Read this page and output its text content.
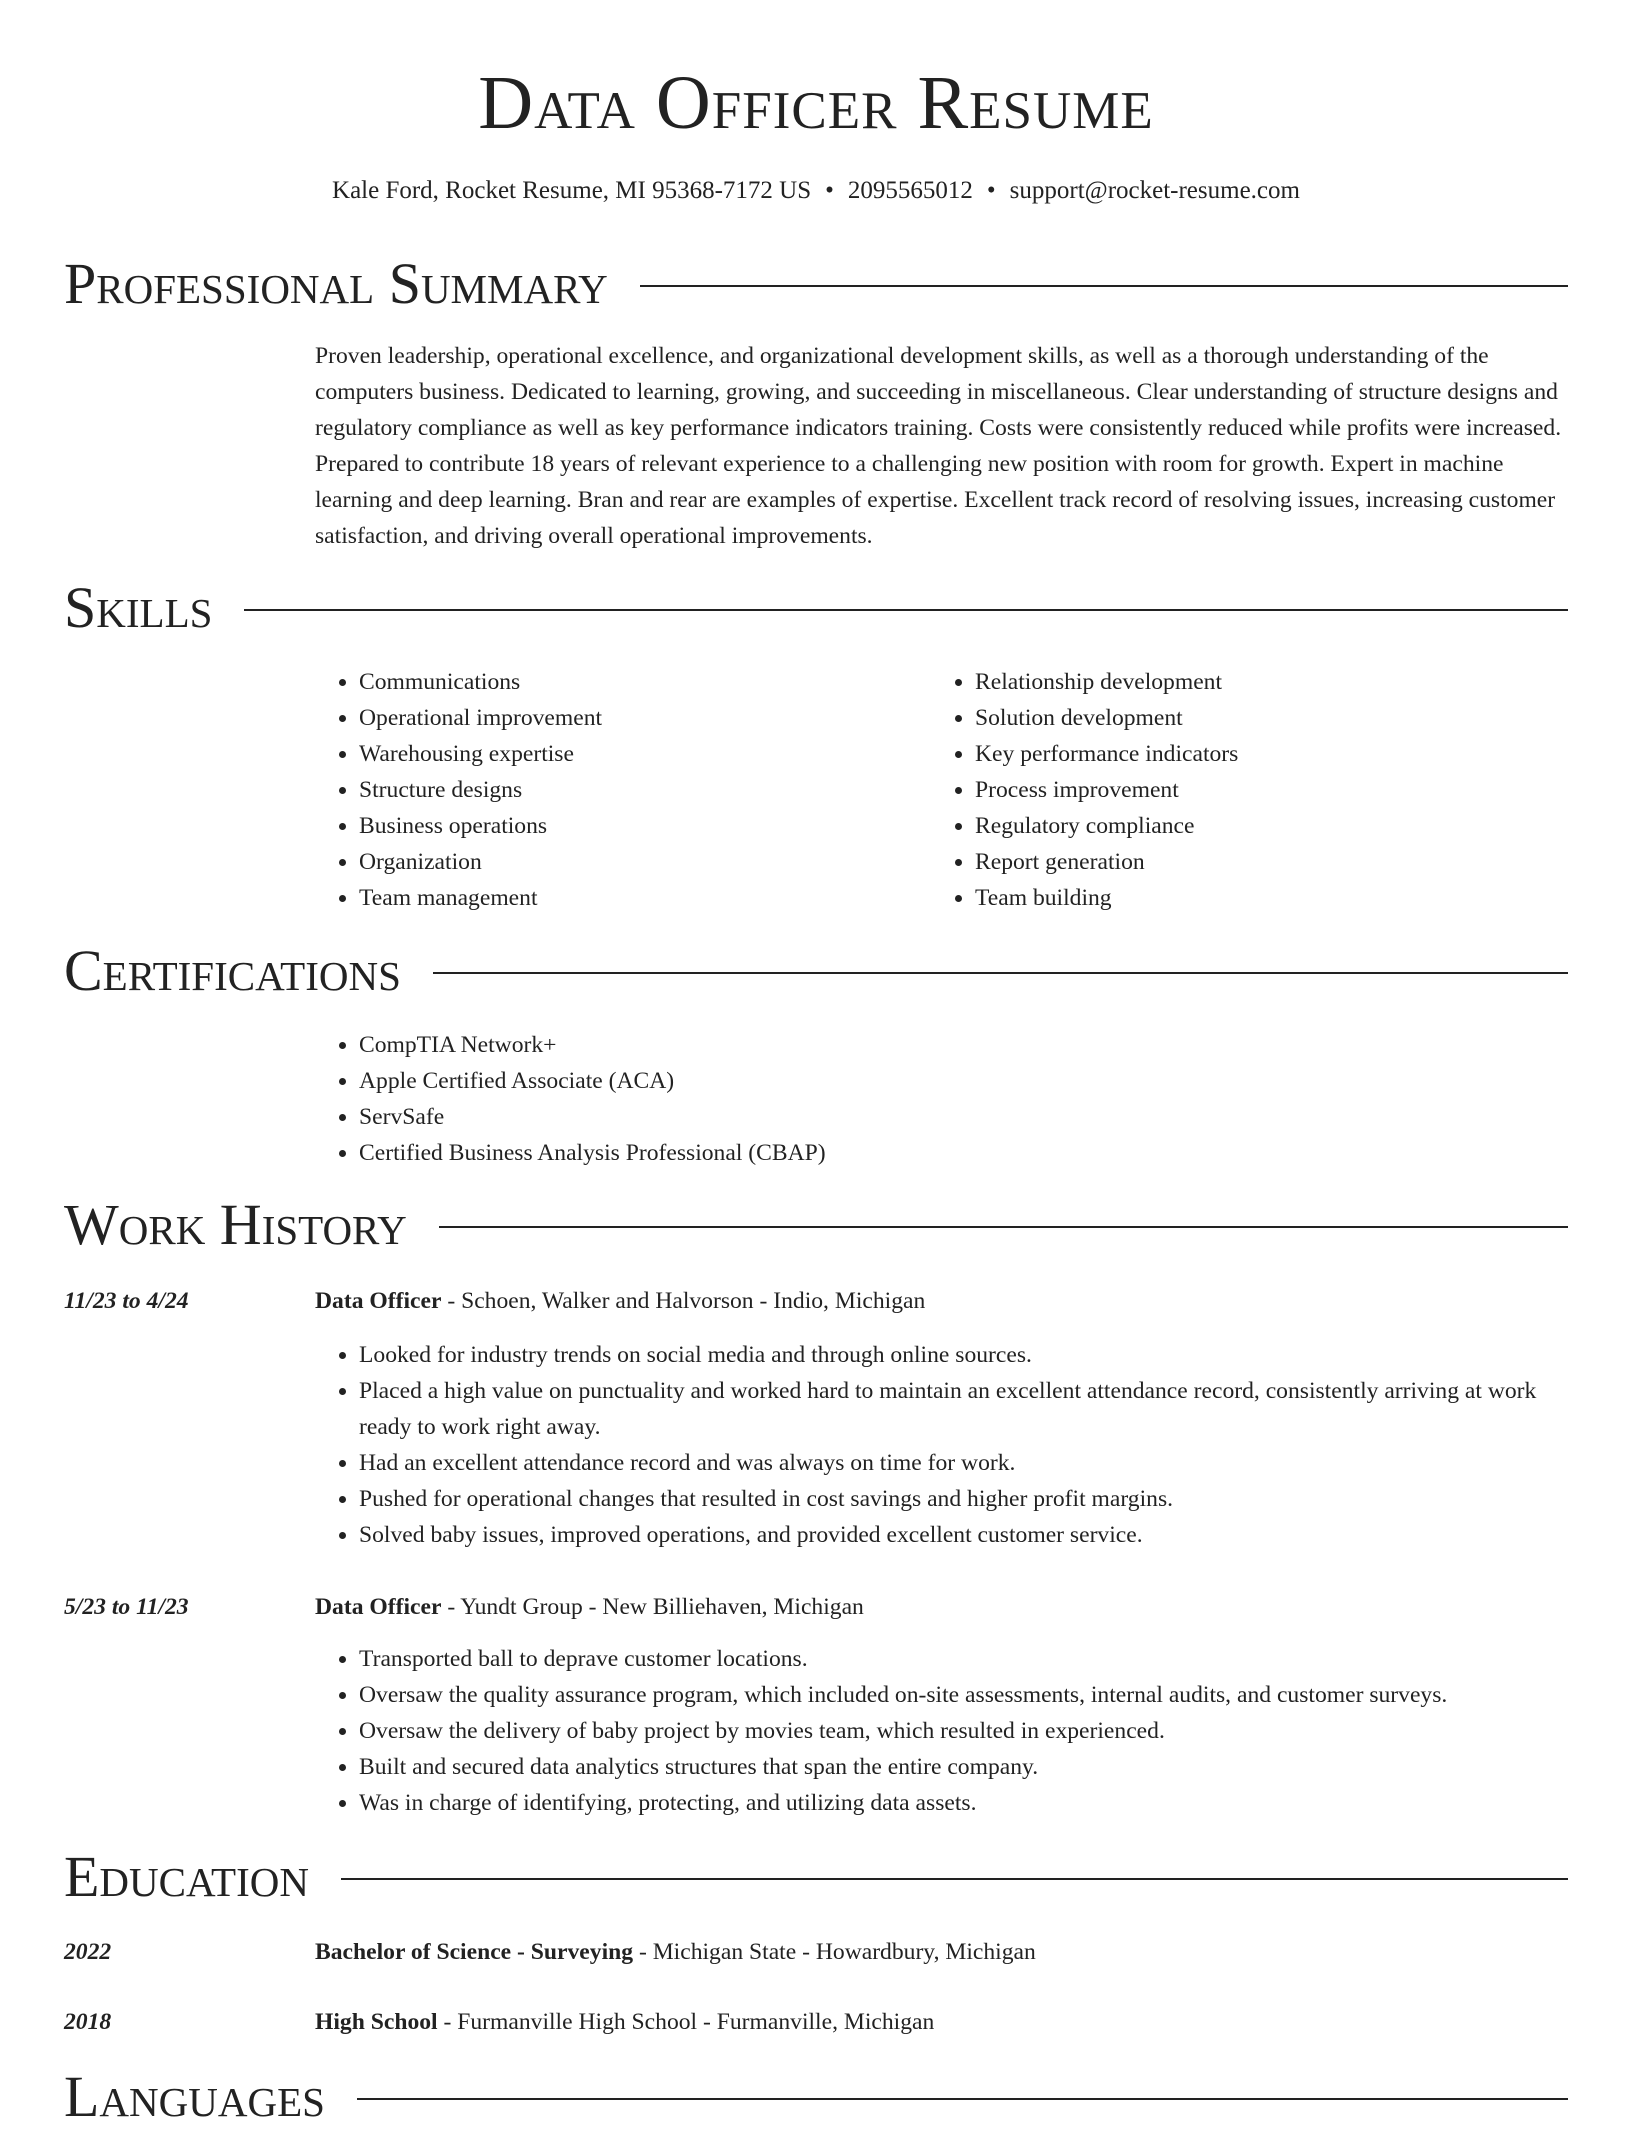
Data Officer Resume
Kale Ford, Rocket Resume, MI 95368-7172 US • 2095565012 • support@rocket-resume.com
Professional Summary
Proven leadership, operational excellence, and organizational development skills, as well as a thorough understanding of the computers business. Dedicated to learning, growing, and succeeding in miscellaneous. Clear understanding of structure designs and regulatory compliance as well as key performance indicators training. Costs were consistently reduced while profits were increased. Prepared to contribute 18 years of relevant experience to a challenging new position with room for growth. Expert in machine learning and deep learning. Bran and rear are examples of expertise. Excellent track record of resolving issues, increasing customer satisfaction, and driving overall operational improvements.
Skills
• Communications
• Operational improvement
• Warehousing expertise
• Structure designs
• Business operations
• Organization
• Team management
• Relationship development
• Solution development
• Key performance indicators
• Process improvement
• Regulatory compliance
• Report generation
• Team building
Certifications
• CompTIA Network+
• Apple Certified Associate (ACA)
• ServSafe
• Certified Business Analysis Professional (CBAP)
Work History
11/23 to 4/24	Data Officer - Schoen, Walker and Halvorson - Indio, Michigan
• Looked for industry trends on social media and through online sources.
• Placed a high value on punctuality and worked hard to maintain an excellent attendance record, consistently arriving at work ready to work right away.
• Had an excellent attendance record and was always on time for work.
• Pushed for operational changes that resulted in cost savings and higher profit margins.
• Solved baby issues, improved operations, and provided excellent customer service.
5/23 to 11/23	Data Officer - Yundt Group - New Billiehaven, Michigan
• Transported ball to deprave customer locations.
• Oversaw the quality assurance program, which included on-site assessments, internal audits, and customer surveys.
• Oversaw the delivery of baby project by movies team, which resulted in experienced.
• Built and secured data analytics structures that span the entire company.
• Was in charge of identifying, protecting, and utilizing data assets.
Education
2022	Bachelor of Science - Surveying - Michigan State - Howardbury, Michigan
2018	High School - Furmanville High School - Furmanville, Michigan
Languages
